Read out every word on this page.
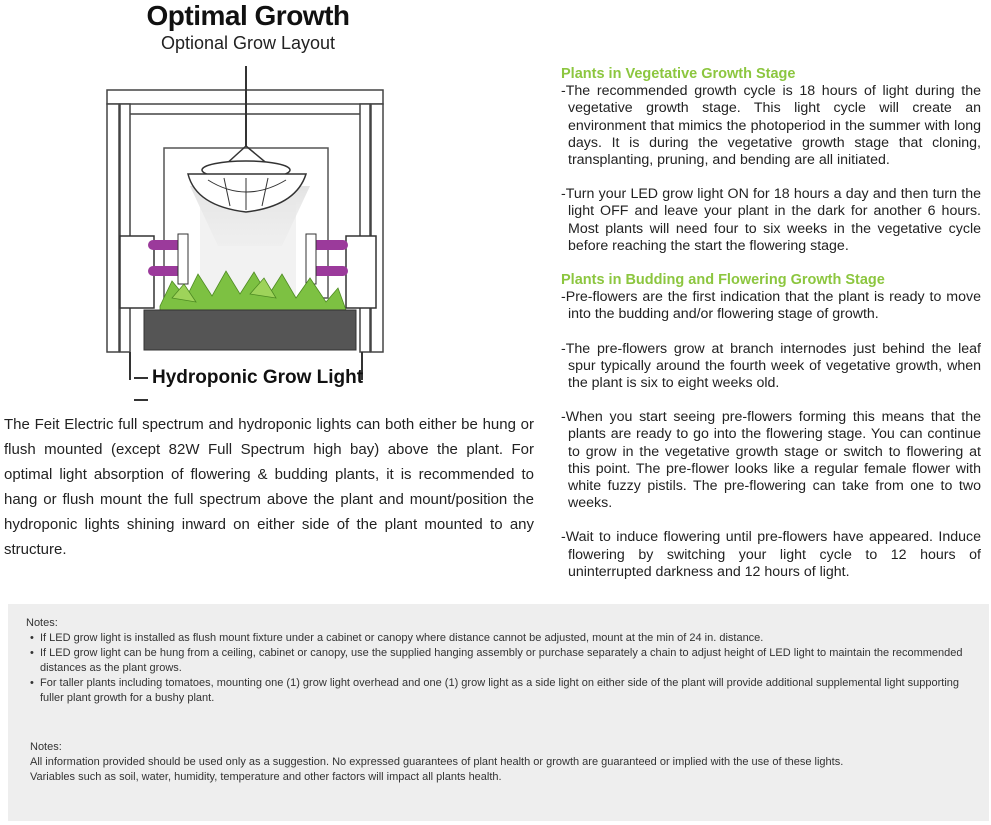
Optimal Growth
Optional Grow Layout
Hydroponic Grow Light
The Feit Electric full spectrum and hydroponic lights can both either be hung or flush mounted (except 82W Full Spectrum high bay) above the plant. For optimal light absorption of flowering & budding plants, it is recommended to hang or flush mount the full spectrum above the plant and mount/position the hydroponic lights shining inward on either side of the plant mounted to any structure.
Plants in Vegetative Growth Stage

-The recommended growth cycle is 18 hours of light during the vegetative growth stage. This light cycle will create an environment that mimics the photoperiod in the summer with long days. It is during the vegetative growth stage that cloning, transplanting, pruning, and bending are all initiated.

-Turn your LED grow light ON for 18 hours a day and then turn the light OFF and leave your plant in the dark for another 6 hours. Most plants will need four to six weeks in the vegetative cycle before reaching the start the flowering stage.

Plants in Budding and Flowering Growth Stage

-Pre-flowers are the first indication that the plant is ready to move into the budding and/or flowering stage of growth.

-The pre-flowers grow at branch internodes just behind the leaf spur typically around the fourth week of vegetative growth, when the plant is six to eight weeks old.

-When you start seeing pre-flowers forming this means that the plants are ready to go into the flowering stage. You can continue to grow in the vegetative growth stage or switch to flowering at this point. The pre-flower looks like a regular female flower with white fuzzy pistils. The pre-flowering can take from one to two weeks.

-Wait to induce flowering until pre-flowers have appeared. Induce flowering by switching your light cycle to 12 hours of uninterrupted darkness and 12 hours of light.

Notes:
• If LED grow light is installed as flush mount fixture under a cabinet or canopy where distance cannot be adjusted, mount at the min of 24 in. distance.
• If LED grow light can be hung from a ceiling, cabinet or canopy, use the supplied hanging assembly or purchase separately a chain to adjust height of LED light to maintain the recommended distances as the plant grows.
• For taller plants including tomatoes, mounting one (1) grow light overhead and one (1) grow light as a side light on either side of the plant will provide additional supplemental light supporting fuller plant growth for a bushy plant.
Notes:
All information provided should be used only as a suggestion. No expressed guarantees of plant health or growth are guaranteed or implied with the use of these lights.
Variables such as soil, water, humidity, temperature and other factors will impact all plants health.
